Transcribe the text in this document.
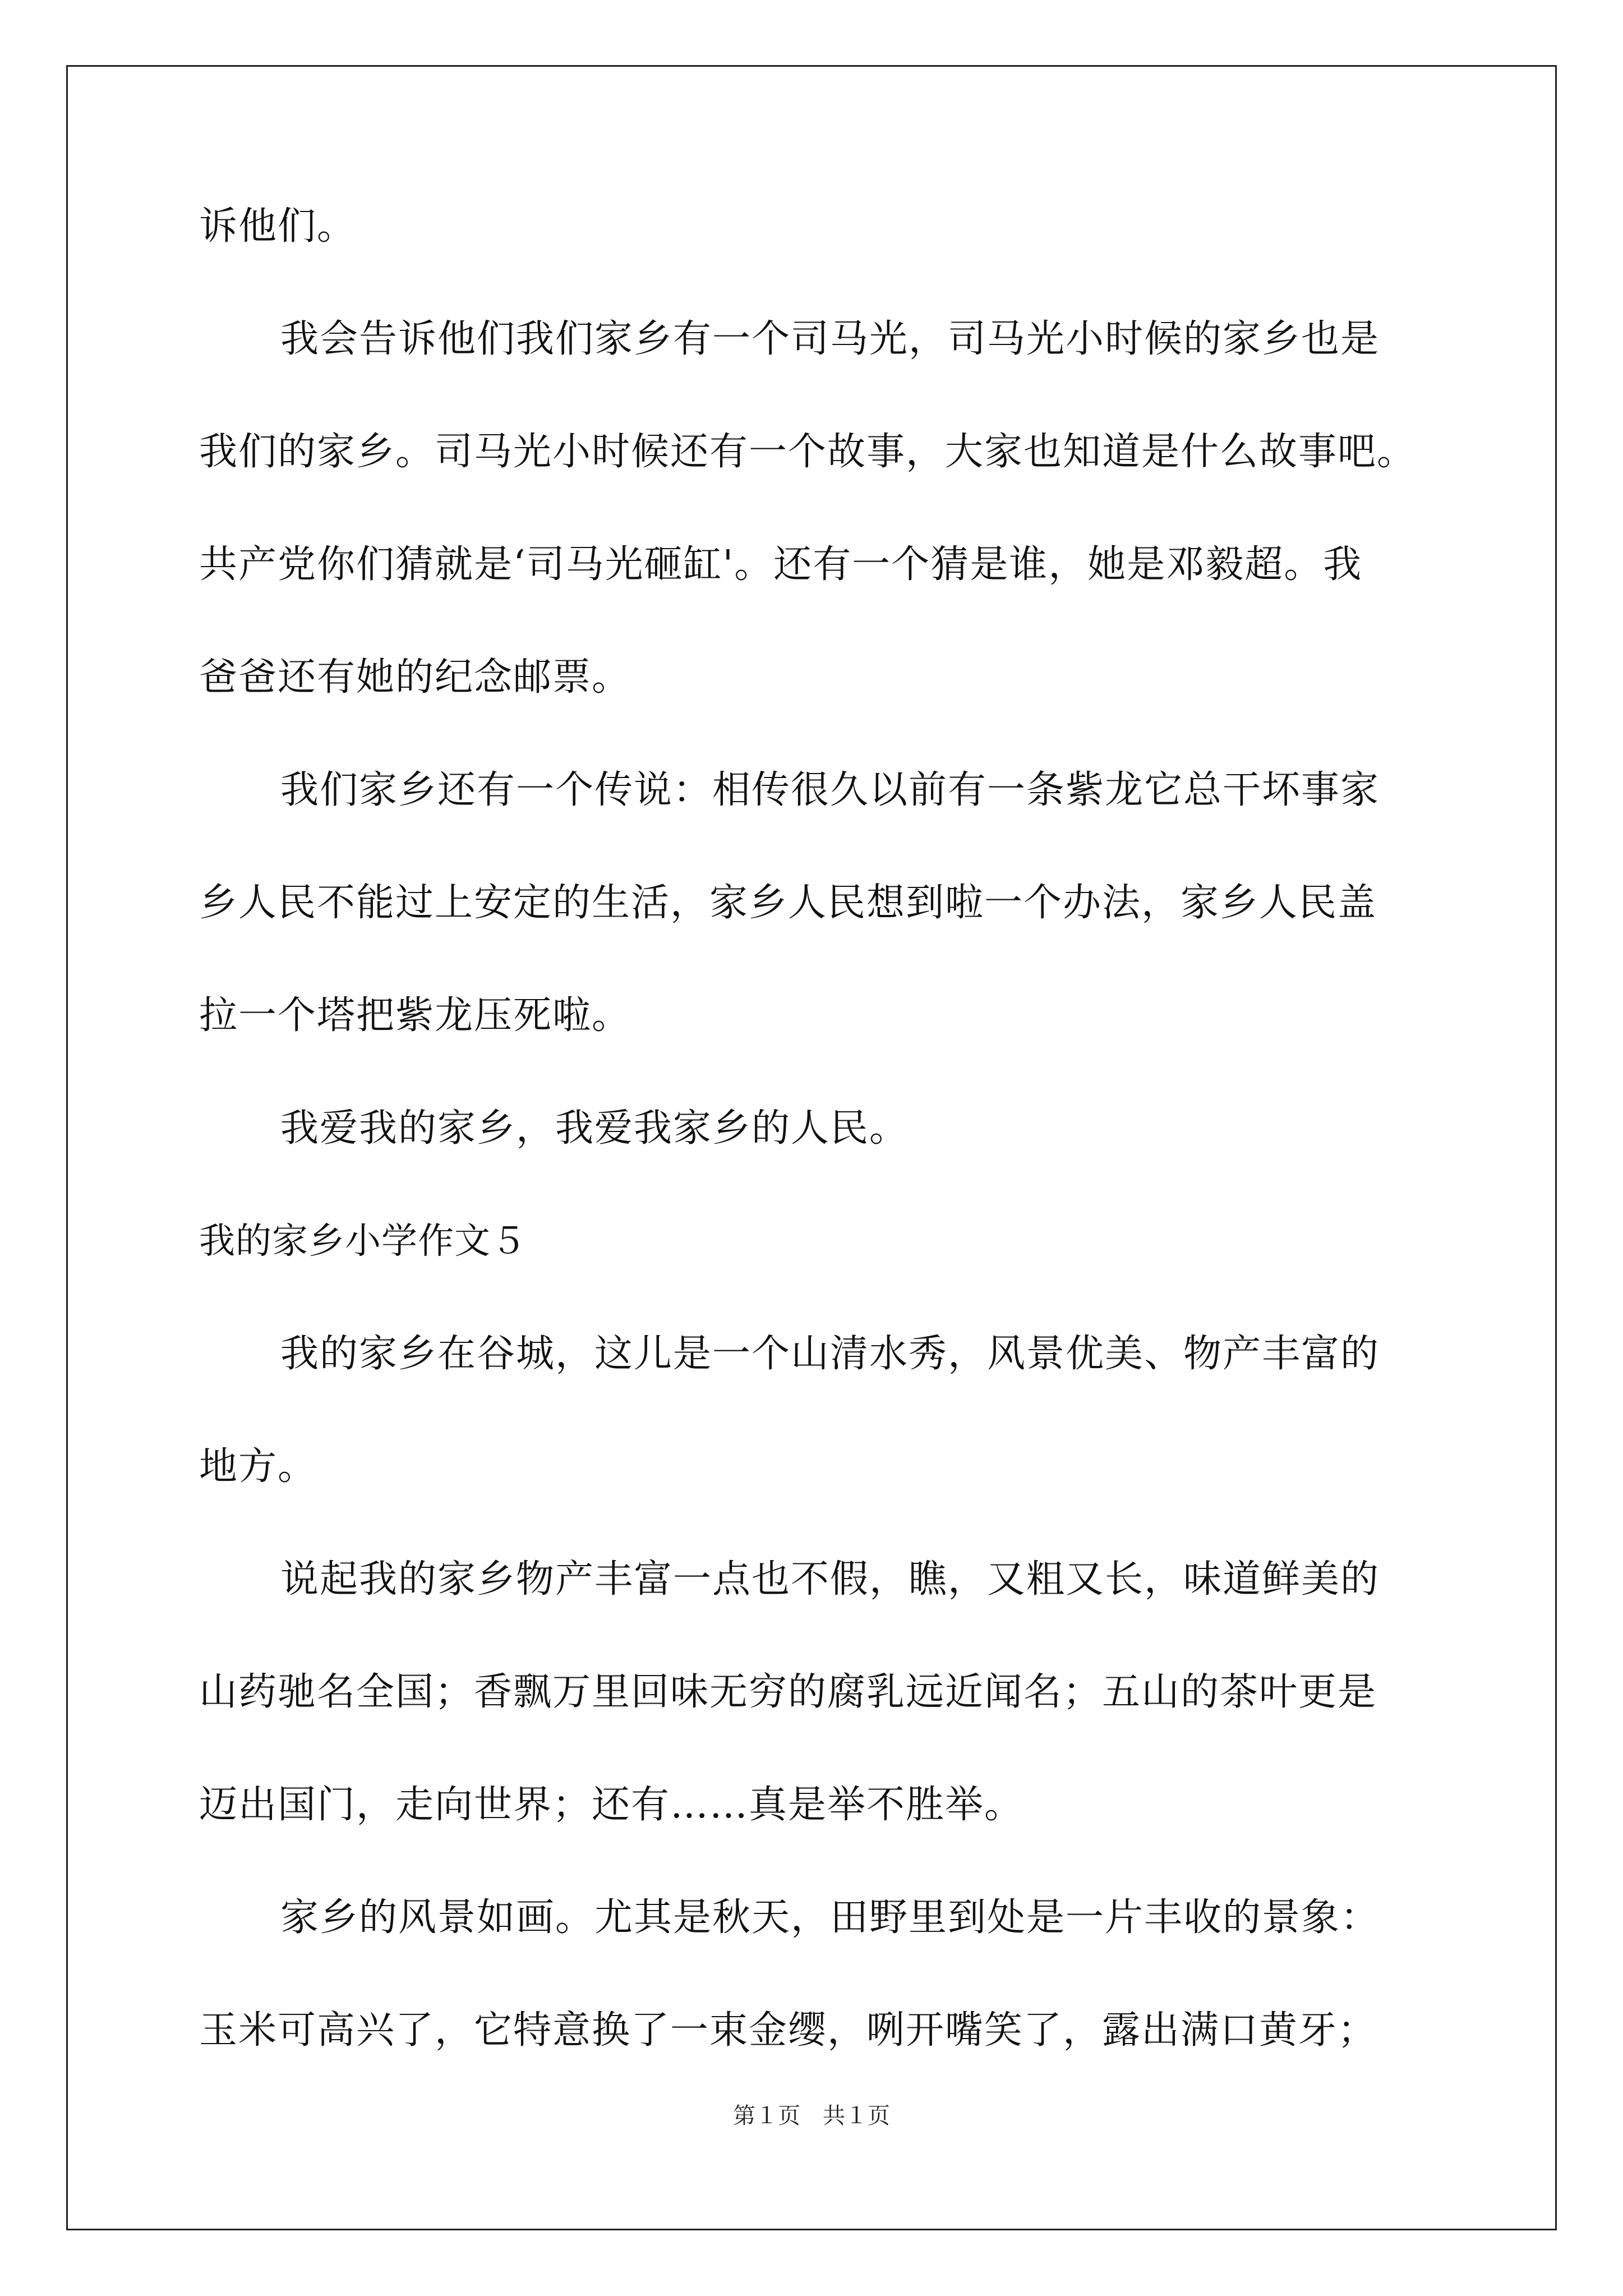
诉他们。
我会告诉他们我们家乡有一个司马光，司马光小时候的家乡也是
我们的家乡。司马光小时候还有一个故事，大家也知道是什么故事吧。
共产党你们猜就是‘司马光砸缸'。还有一个猜是谁，她是邓毅超。我
爸爸还有她的纪念邮票。
我们家乡还有一个传说：相传很久以前有一条紫龙它总干坏事家
乡人民不能过上安定的生活，家乡人民想到啦一个办法，家乡人民盖
拉一个塔把紫龙压死啦。
我爱我的家乡，我爱我家乡的人民。
我的家乡小学作文５
我的家乡在谷城，这儿是一个山清水秀，风景优美、物产丰富的
地方。
说起我的家乡物产丰富一点也不假，瞧，又粗又长，味道鲜美的
山药驰名全国；香飘万里回味无穷的腐乳远近闻名；五山的茶叶更是
迈出国门，走向世界；还有……真是举不胜举。
家乡的风景如画。尤其是秋天，田野里到处是一片丰收的景象：
玉米可高兴了，它特意换了一束金缨，咧开嘴笑了，露出满口黄牙；
第１页　共１页
